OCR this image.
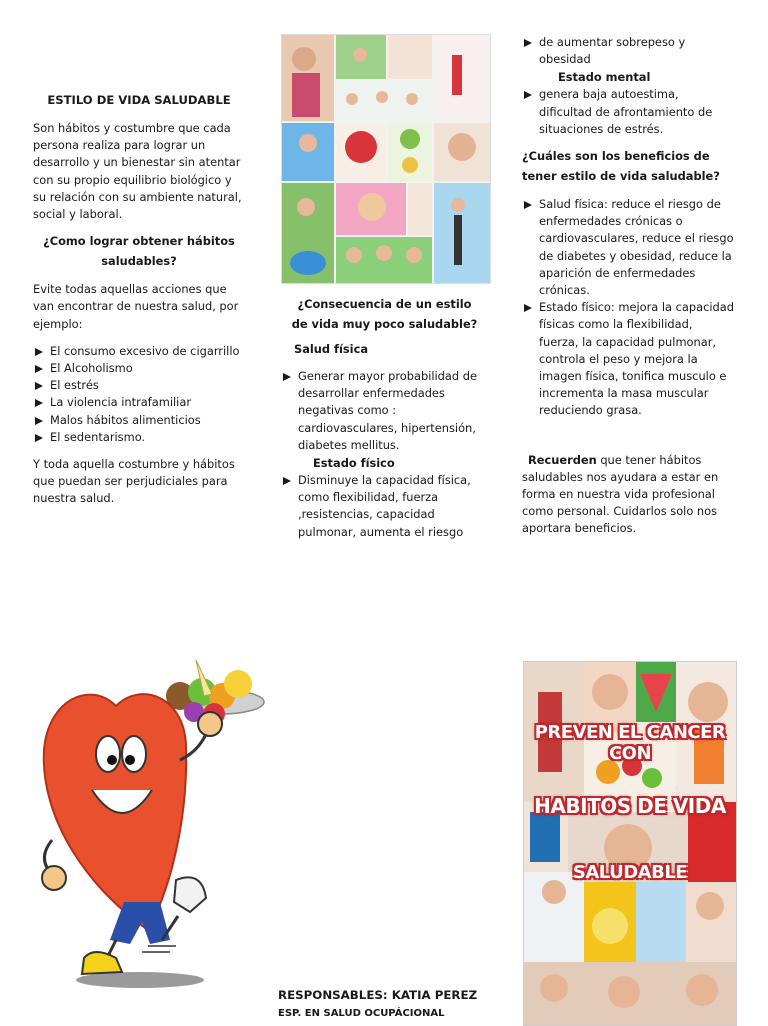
ESTILO DE VIDA SALUDABLE

Son hábitos y costumbre que cada persona realiza para lograr un desarrollo y un bienestar sin atentar con su propio equilibrio biológico y su relación con su ambiente natural, social y laboral.

¿Como lograr obtener hábitos saludables?

Evite todas aquellas acciones que van encontrar de nuestra salud, por ejemplo:

El consumo excesivo de cigarrillo
El Alcoholismo
El estrés
La violencia intrafamiliar
Malos hábitos alimenticios
El sedentarismo.

Y toda aquella costumbre y hábitos que puedan ser perjudiciales para nuestra salud.

¿Consecuencia de un estilo de vida muy poco saludable?
Salud física
Generar mayor probabilidad de desarrollar enfermedades negativas como : cardiovasculares, hipertensión, diabetes mellitus.
Estado físico
Disminuye la capacidad física, como flexibilidad, fuerza ,resistencias, capacidad pulmonar, aumenta el riesgo
de aumentar sobrepeso y obesidad
Estado mental
genera baja autoestima, dificultad de afrontamiento de situaciones de estrés.
¿Cuáles son los beneficios de tener estilo de vida saludable?
Salud física: reduce el riesgo de enfermedades crónicas o cardiovasculares, reduce el riesgo de diabetes y obesidad, reduce la aparición de enfermedades crónicas.
Estado físico: mejora la capacidad físicas como la flexibilidad, fuerza, la capacidad pulmonar, controla el peso y mejora la imagen física, tonifica musculo e incrementa la masa muscular reduciendo grasa.

Recuerden que tener hábitos saludables nos ayudara a estar en forma en nuestra vida profesional como personal. Cuidarlos solo nos aportara beneficios.

RESPONSABLES: KATIA PEREZ
ESP. EN SALUD OCUPÁCIONAL
PREVEN EL CANCER CON
HABITOS DE VIDA
SALUDABLE
